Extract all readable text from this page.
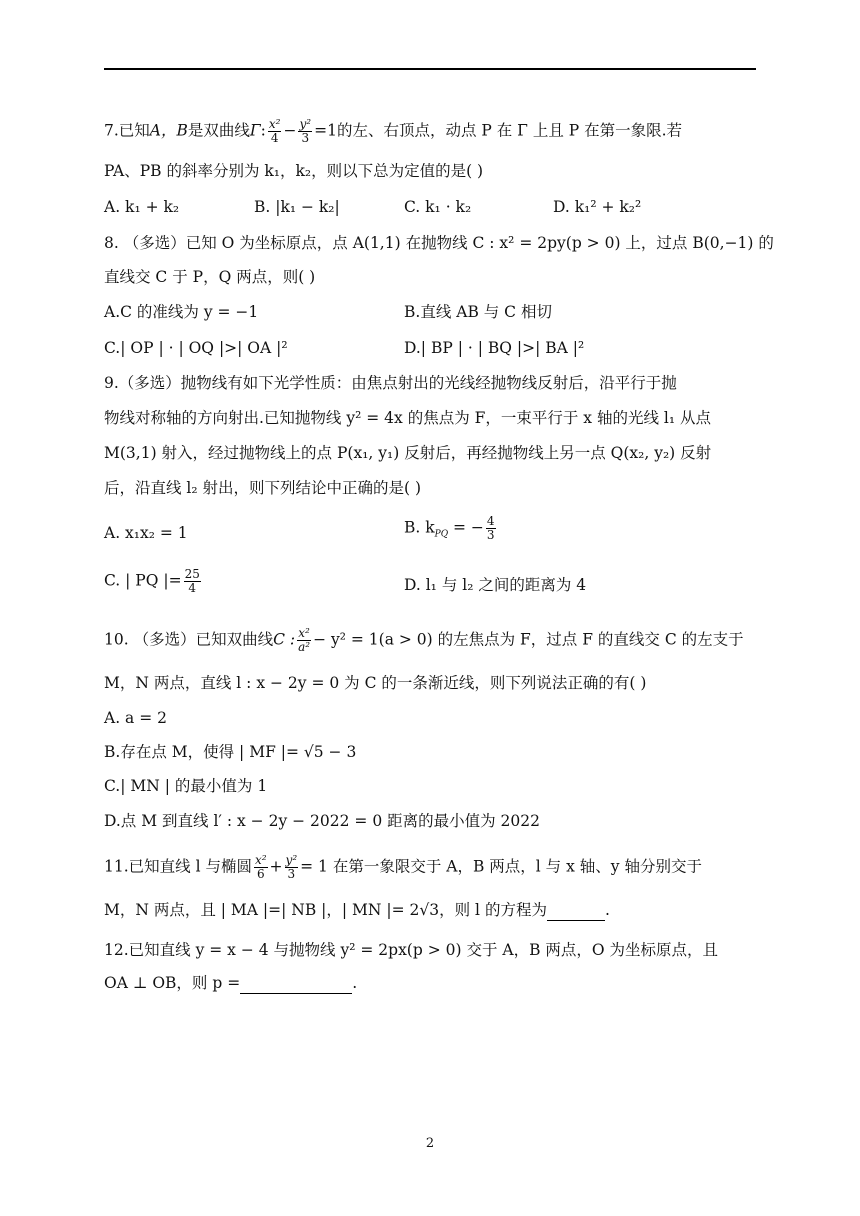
7.已知A，B是双曲线Γ: $\frac{\text{x²}}{4} - \frac{\text{y²}}{3} =1$的左、右顶点，动点 P 在 Γ 上且 P 在第一象限.若
PA、PB 的斜率分别为 k₁，k₂，则以下总为定值的是( )
A. k₁ + k₂	B. |k₁ − k₂|	C. k₁ · k₂	D. k₁² + k₂²
8. （多选）已知 O 为坐标原点，点 A(1,1) 在抛物线 C : x² = 2py(p > 0) 上，过点 B(0,−1) 的
直线交 C 于 P，Q 两点，则( )
A.C 的准线为 y = −1	B.直线 AB 与 C 相切
C.| OP | · | OQ |>| OA |²	D.| BP | · | BQ |>| BA |²
9.（多选）抛物线有如下光学性质：由焦点射出的光线经抛物线反射后，沿平行于抛
物线对称轴的方向射出.已知抛物线 y² = 4x 的焦点为 F，一束平行于 x 轴的光线 l₁ 从点
M(3,1) 射入，经过抛物线上的点 P(x₁, y₁) 反射后，再经抛物线上另一点 Q(x₂, y₂) 反射
后，沿直线 l₂ 射出，则下列结论中正确的是( )
A. x₁x₂ = 1	B. $k_{PQ}$ = − $\frac{4}{3}$
C. | PQ |= $\frac{25}{4}$	D. l₁ 与 l₂ 之间的距离为 4
10. （多选）已知双曲线C : $\frac{\text{x²}}{\text{a²}} - y^2 = 1(a > 0)$ 的左焦点为 F，过点 F 的直线交 C 的左支于
M，N 两点，直线 l : x − 2y = 0 为 C 的一条渐近线，则下列说法正确的有( )
A. a = 2
B.存在点 M，使得 | MF |= √5 − 3
C.| MN | 的最小值为 1
D.点 M 到直线 l′ : x − 2y − 2022 = 0 距离的最小值为 2022
11.已知直线 l 与椭圆 $\frac{\text{x²}}{6} + \frac{\text{y²}}{3} = 1$ 在第一象限交于 A，B 两点，l 与 x 轴、y 轴分别交于
M，N 两点，且 | MA |=| NB |，| MN |= 2√3，则 l 的方程为	.
12.已知直线 y = x − 4 与抛物线 y² = 2px(p > 0) 交于 A，B 两点，O 为坐标原点，且
OA ⊥ OB，则 p =	.
2
